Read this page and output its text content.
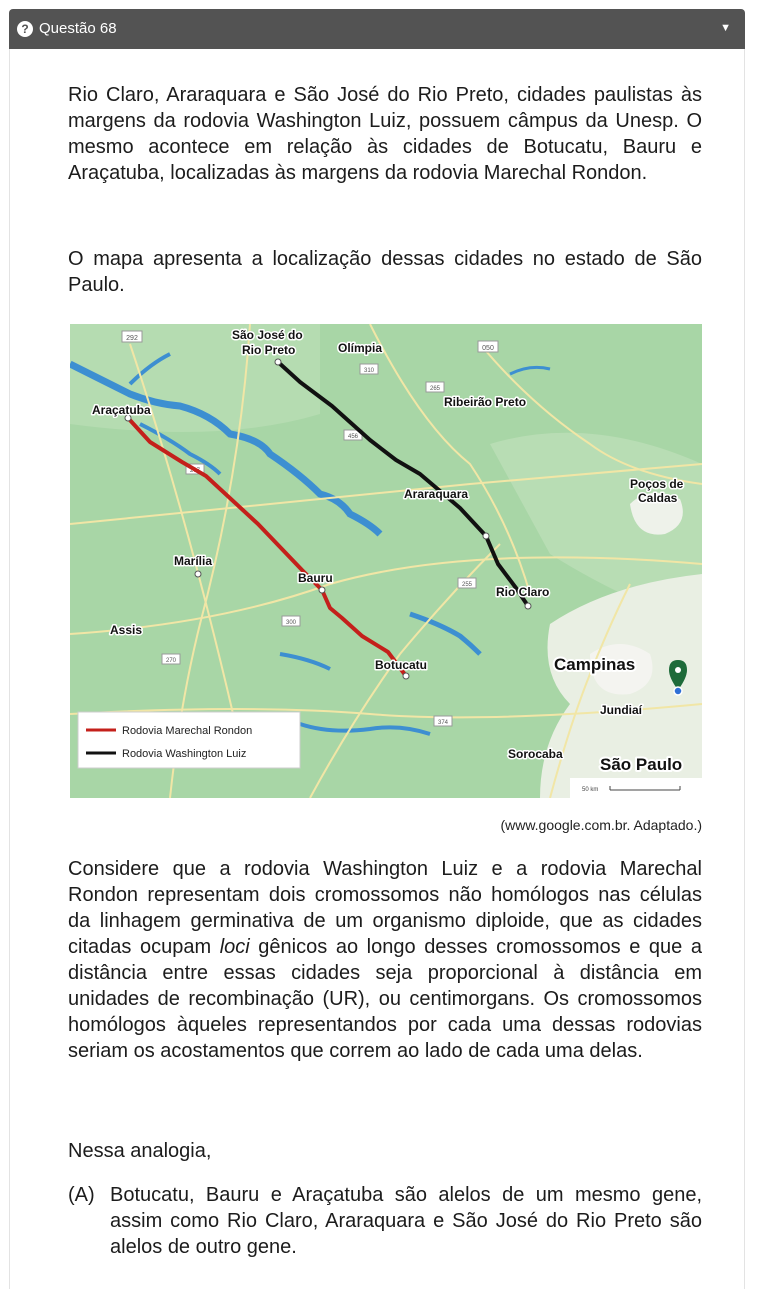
? Questão 68	▼

Rio Claro, Araraquara e São José do Rio Preto, cidades paulistas às margens da rodovia Washington Luiz, possuem câmpus da Unesp. O mesmo acontece em relação às cidades de Botucatu, Bauru e Araçatuba, localizadas às margens da rodovia Marechal Rondon.

O mapa apresenta a localização dessas cidades no estado de São Paulo.

292
050
265
310
456
267
255
300
270
374
São José do
Rio Preto	Olímpia
Ribeirão Preto
Araçatuba
Poços de
Caldas
Araraquara
Marília
Bauru
Rio Claro
Assis
Botucatu
Jundiaí
Sorocaba
Campinas
São Paulo
Rodovia Marechal Rondon
Rodovia Washington Luiz
50 km
(www.google.com.br. Adaptado.)

Considere que a rodovia Washington Luiz e a rodovia Marechal Rondon representam dois cromossomos não homólogos nas células da linhagem germinativa de um organismo diploide, que as cidades citadas ocupam loci gênicos ao longo desses cromossomos e que a distância entre essas cidades seja proporcional à distância em unidades de recombinação (UR), ou centimorgans. Os cromossomos homólogos àqueles representandos por cada uma dessas rodovias seriam os acostamentos que correm ao lado de cada uma delas.

Nessa analogia,

(A) Botucatu, Bauru e Araçatuba são alelos de um mesmo gene, assim como Rio Claro, Araraquara e São José do Rio Preto são alelos de outro gene.
